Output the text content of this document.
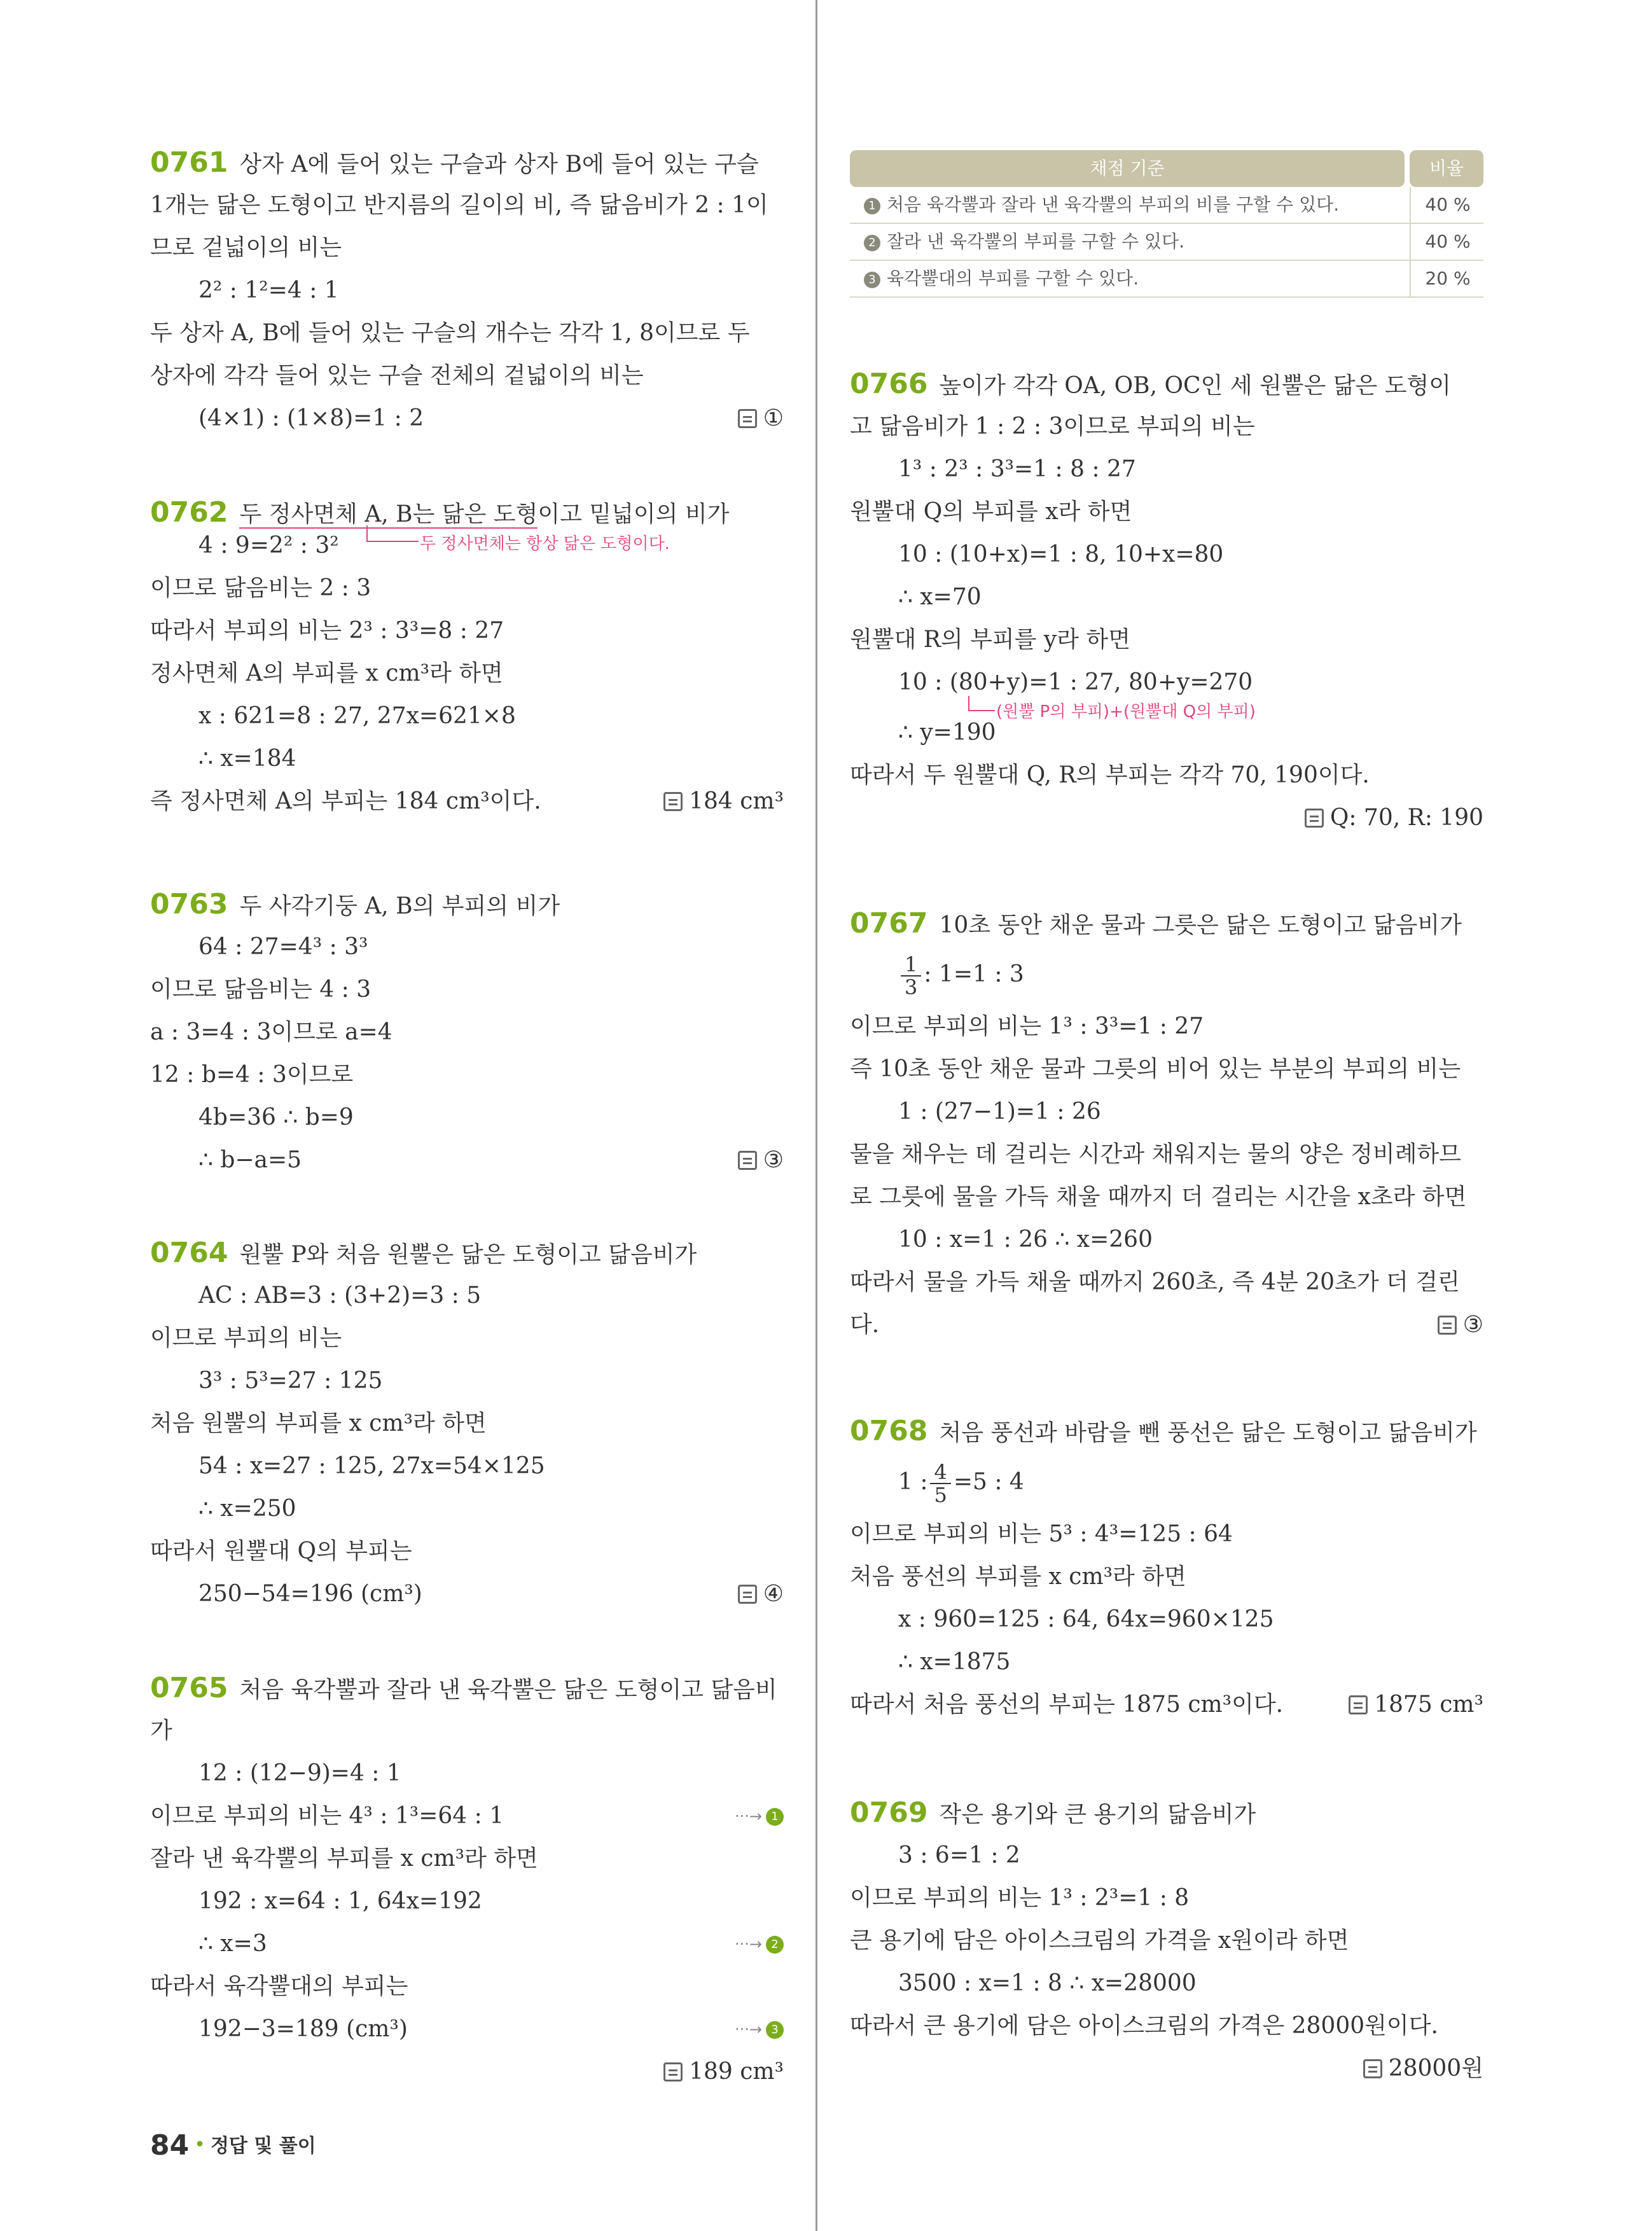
0761 상자 A에 들어 있는 구슬과 상자 B에 들어 있는 구슬
1개는 닮은 도형이고 반지름의 길이의 비, 즉 닮음비가 2 : 1이
므로 겉넓이의 비는
2² : 1²=4 : 1
두 상자 A, B에 들어 있는 구슬의 개수는 각각 1, 8이므로 두
상자에 각각 들어 있는 구슬 전체의 겉넓이의 비는
(4×1) : (1×8)=1 : 2	①
0762 두 정사면체 A, B는 닮은 도형이고 밑넓이의 비가
두 정사면체는 항상 닮은 도형이다.
4 : 9=2² : 3²
이므로 닮음비는 2 : 3
따라서 부피의 비는 2³ : 3³=8 : 27
정사면체 A의 부피를 x cm³라 하면
x : 621=8 : 27, 27x=621×8
∴ x=184
즉 정사면체 A의 부피는 184 cm³이다.	184 cm³
0763 두 사각기둥 A, B의 부피의 비가
64 : 27=4³ : 3³
이므로 닮음비는 4 : 3
a : 3=4 : 3이므로 a=4
12 : b=4 : 3이므로
4b=36 ∴ b=9
∴ b−a=5	③
0764 원뿔 P와 처음 원뿔은 닮은 도형이고 닮음비가
AC : AB=3 : (3+2)=3 : 5
이므로 부피의 비는
3³ : 5³=27 : 125
처음 원뿔의 부피를 x cm³라 하면
54 : x=27 : 125, 27x=54×125
∴ x=250
따라서 원뿔대 Q의 부피는
250−54=196 (cm³)	④
0765 처음 육각뿔과 잘라 낸 육각뿔은 닮은 도형이고 닮음비
가
12 : (12−9)=4 : 1
이므로 부피의 비는 4³ : 1³=64 : 1	···→ 1
잘라 낸 육각뿔의 부피를 x cm³라 하면
192 : x=64 : 1, 64x=192
∴ x=3	···→ 2
따라서 육각뿔대의 부피는
192−3=189 (cm³)	···→ 3
189 cm³
채점 기준	비율
1 처음 육각뿔과 잘라 낸 육각뿔의 부피의 비를 구할 수 있다.	40 %
2 잘라 낸 육각뿔의 부피를 구할 수 있다.	40 %
3 육각뿔대의 부피를 구할 수 있다.	20 %
0766 높이가 각각 OA, OB, OC인 세 원뿔은 닮은 도형이
고 닮음비가 1 : 2 : 3이므로 부피의 비는
1³ : 2³ : 3³=1 : 8 : 27
원뿔대 Q의 부피를 x라 하면
10 : (10+x)=1 : 8, 10+x=80
∴ x=70
원뿔대 R의 부피를 y라 하면
10 : (80+y)=1 : 27, 80+y=270
(원뿔 P의 부피)+(원뿔대 Q의 부피)
∴ y=190
따라서 두 원뿔대 Q, R의 부피는 각각 70, 190이다.
Q: 70, R: 190
0767 10초 동안 채운 물과 그릇은 닮은 도형이고 닮음비가
$\frac{1}{3}$ : 1=1 : 3
이므로 부피의 비는 1³ : 3³=1 : 27
즉 10초 동안 채운 물과 그릇의 비어 있는 부분의 부피의 비는
1 : (27−1)=1 : 26
물을 채우는 데 걸리는 시간과 채워지는 물의 양은 정비례하므
로 그릇에 물을 가득 채울 때까지 더 걸리는 시간을 x초라 하면
10 : x=1 : 26 ∴ x=260
따라서 물을 가득 채울 때까지 260초, 즉 4분 20초가 더 걸린
다.	③
0768 처음 풍선과 바람을 뺀 풍선은 닮은 도형이고 닮음비가
1 : $\frac{4}{5} =5$ : 4
이므로 부피의 비는 5³ : 4³=125 : 64
처음 풍선의 부피를 x cm³라 하면
x : 960=125 : 64, 64x=960×125
∴ x=1875
따라서 처음 풍선의 부피는 1875 cm³이다.	1875 cm³
0769 작은 용기와 큰 용기의 닮음비가
3 : 6=1 : 2
이므로 부피의 비는 1³ : 2³=1 : 8
큰 용기에 담은 아이스크림의 가격을 x원이라 하면
3500 : x=1 : 8 ∴ x=28000
따라서 큰 용기에 담은 아이스크림의 가격은 28000원이다.
28000원
84 • 정답 및 풀이
